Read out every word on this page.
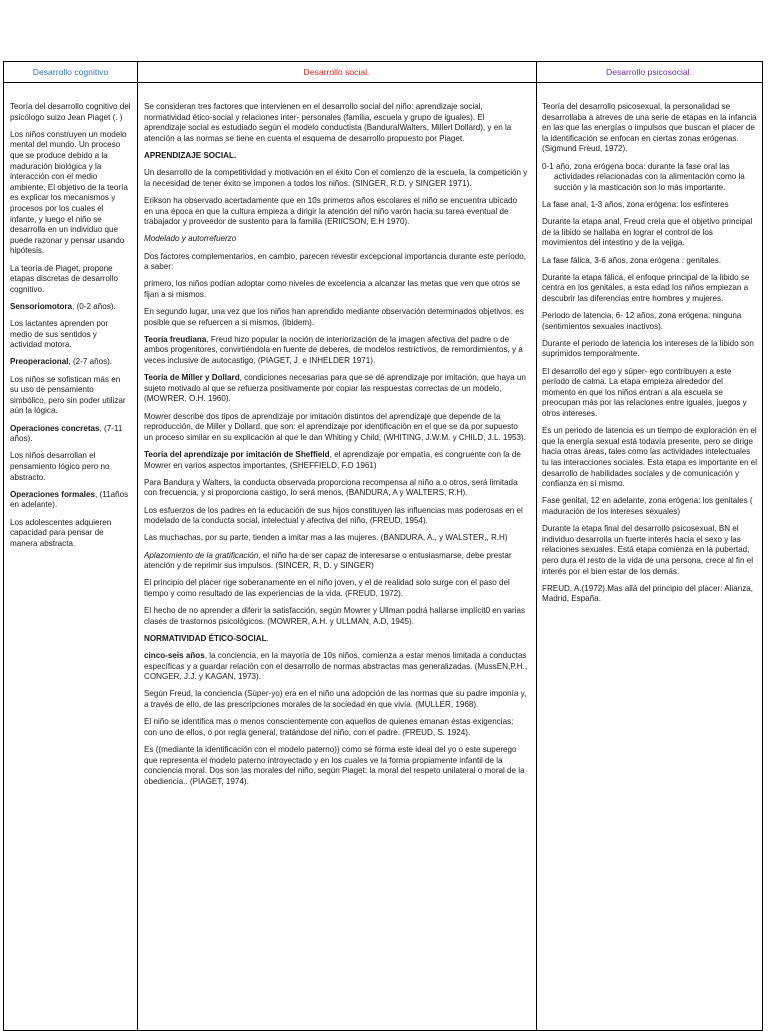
Desarrollo cognitivo	Desarrollo social.	Desarrollo psicosocial.

Teoría del desarrollo cognitivo del psicólogo suizo Jean Piaget (. )

Los niños construyen un modelo mental del mundo. Un proceso que se produce debido a la maduración biológica y la interacción con el medio ambiente. El objetivo de la teoría es explicar los mecanismos y procesos por los cuales el infante, y luego el niño se desarrolla en un individuo que puede razonar y pensar usando hipótesis.

La teoría de Piaget, propone etapas discretas de desarrollo cognitivo.

Sensoriomotora, (0-2 años).

Los lactantes aprenden por medio de sus sentidos y actividad motora.

Preoperacional, (2-7 años).

Los niños se sofistican más en su uso de pensamiento simbólico, pero sin poder utilizar aún la lógica.

Operaciones concretas, (7-11 años).

Los niños desarrollan el pensamiento lógico pero no abstracto.

Operaciones formales, (11años en adelante).

Los adolescentes adquieren capacidad para pensar de manera abstracta.

Se consideran tres factores que intervienen en el desarrollo social del niño: aprendizaje social, normatividad ético-social y relaciones inter- personales (familia, escuela y grupo de iguales). El aprendizaje social es estudiado según el modelo conductista (BanduraIWalters, Millerl Dollard), y en la atención a las normas se tiene en cuenta el esquema de desarrollo propuesto por Piaget.

APRENDIZAJE SOCIAL.

Un desarrollo de la competitividad y motivación en el éxito Con el comienzo de la escuela, la competición y la necesidad de tener éxito se imponen a todos los niños. (SINGER, R.D. y SINGER 1971).

Erikson ha observado acertadamente que en 10s primeros años escolares el niño se encuentra ubicado en una época en que la cultura empieza a dirigir la atención del niño varón hacia su tarea eventual de trabajador y proveedor de sustento para la familia (ERIICSON, E.H 1970).

Modelado y autorrefuerzo

Dos factores complementarios, en cambio, parecen revestir excepcional importancia durante este período, a saber:

primero, los niños podían adoptar como niveles de excelencia a alcanzar las metas que ven que otros se fijan a si mismos.

En segundo lugar, una vez que los niños han aprendido mediante observación determinados objetivos, es posible que se refuercen a si mismos, (Ibidem).

Teoría freudiana, Freud hizo popular la noción de interiorización de la imagen afectiva del padre o de ambos progenitores, convirtiéndola en fuente de deberes, de modelos restrictivos, de remordimientos, y a veces inclusive de autocastigo, (PIAGET, J. e INHELDER 1971).

Teoría de Miller y Dollard, condiciones necesarias para que se dé aprendizaje por imitación, que haya un sujeto motivado al que se refuerza positivamente por copiar las respuestas correctas de un modelo, (MOWRER, O.H. 1960).

Mowrer describe dos tipos de aprendizaje por imitación distintos del aprendizaje que depende de la reproducción, de Miller y Dollard, que son: el aprendizaje por identificación en el que se da por supuesto un proceso similar en su explicación al que le dan Whiting y Child, (WHITING, J.W.M. y CHILD, J.L. 1953).

Teoría del aprendizaje por imitación de Sheffield, el aprendizaje por empatía, es congruente con la de Mowrer en varios aspectos importantes, (SHEFFIELD, F.D 1961)

Para Bandura y Walters, la conducta observada proporciona recompensa al niño a o otros, será limitada con frecuencia, y si proporciona castigo, lo será menos, (BANDURA, A y WALTERS, R.H).

Los esfuerzos de los padres en la educación de sus hijos constituyen las influencias mas poderosas en el modelado de la conducta social, intelectual y afectiva del niño, (FREUD, 1954).

Las muchachas, por su parte, tienden a imitar mas a las mujeres. (BANDURA, A., y WALSTER,, R.H)

Aplazomiento de la gratificación, el niño ha de ser capaz de interesarse o entusiasmarse, debe prestar atención y de reprimir sus impulsos. (SINCER, R, D. y SINGER)

El principio del placer rige soberanamente en el niño joven, y el de realidad solo surge con el paso del tiempo y como resultado de las experiencias de la vida. (FREUD, 1972).

El hecho de no aprender a diferir la satisfacción, según Mowrer y Ullman podrá hallarse implícit0 en varias clases de trastornos psicológicos. (MOWRER, A.H. y ULLMAN, A.D, 1945).

NORMATIVIDAD ÉTICO-SOCIAL.

cinco-seis años, la conciencia, en la mayoría de 10s niños, comienza a estar menos limitada a conductas específicas y a guardar relación con el desarrollo de normas abstractas mas generalizadas. (MussEN,P.H., CONGER, J.J. y KAGAN, 1973).

Según Freud, la conciencia (Súper-yo) era en el niño una adopción de las normas que su padre imponía y, a través de ello, de las prescripciones morales de la sociedad en que vivía. (MULLER, 1968).

El niño se identifica mas o menos conscientemente con aquellos de quienes emanan éstas exigencias; con uno de ellos, o por regla general, tratándose del niño, con el padre. (FREUD, S. 1924).

Es ((mediante la identificación con el modelo paterno)) como se forma este ideal del yo o este superego que representa el modelo paterno introyectado y en los cuales ve la forma propiamente infantil de la conciencia moral. Dos son las morales del niño, según Piaget: la moral del respeto unilateral o moral de la obediencia.. (PIAGET, 1974).

Teoría del desarrollo psicosexual, la personalidad se desarrollaba a atreves de una serie de etapas en la infancia en las que las energías o impulsos que buscan el placer de la identificación se enfocan en ciertas zonas erógenas. (Sigmund Freud, 1972).

0-1 año, zona erógena boca: durante la fase oral las actividades relacionadas con la alimentación como la succión y la masticación son lo más importante.

La fase anal, 1-3 años, zona erógena: los esfínteres

Durante la etapa anal, Freud creía que el objetivo principal de la libido se hallaba en lograr el control de los movimientos del intestino y de la vejiga.

La fase fálica, 3-6 años, zona erógena : genitales.

Durante la etapa fálica, el enfoque principal de la libido se centra en los genitales, a esta edad los niños empiezan a descubrir las diferencias entre hombres y mujeres.

Periodo de latencia, 6- 12 años, zona erógena: ninguna (sentimientos sexuales inactivos).

Durante el periodo de latencia los intereses de la libido son suprimidos temporalmente.

El desarrollo del ego y súper- ego contribuyen a este período de calma. La etapa empieza alrededor del momento en que los niños entran a ala escuela se preocupan más por las relaciones entre iguales, juegos y otros intereses.

Es un periodo de latencia es un tiempo de exploración en el que la energía sexual está todavía presente, pero se dirige hacia otras áreas, tales como las actividades intelectuales tu las interacciones sociales. Esta etapa es importante en el desarrollo de habilidades sociales y de comunicación y confianza en sí mismo.

Fase genital, 12 en adelante, zona erógena: los genitales ( maduración de los intereses sexuales)

Durante la etapa final del desarrollo psicosexual, BN el individuo desarrolla un fuerte interés hacia el sexo y las relaciones sexuales. Está etapa comienza en la pubertad, pero dura el resto de la vida de una persona, crece al fin el interés por el bien estar de los demás.

FREUD, A.(1972).Mas allá del principio del placer: Alianza, Madrid, España.
